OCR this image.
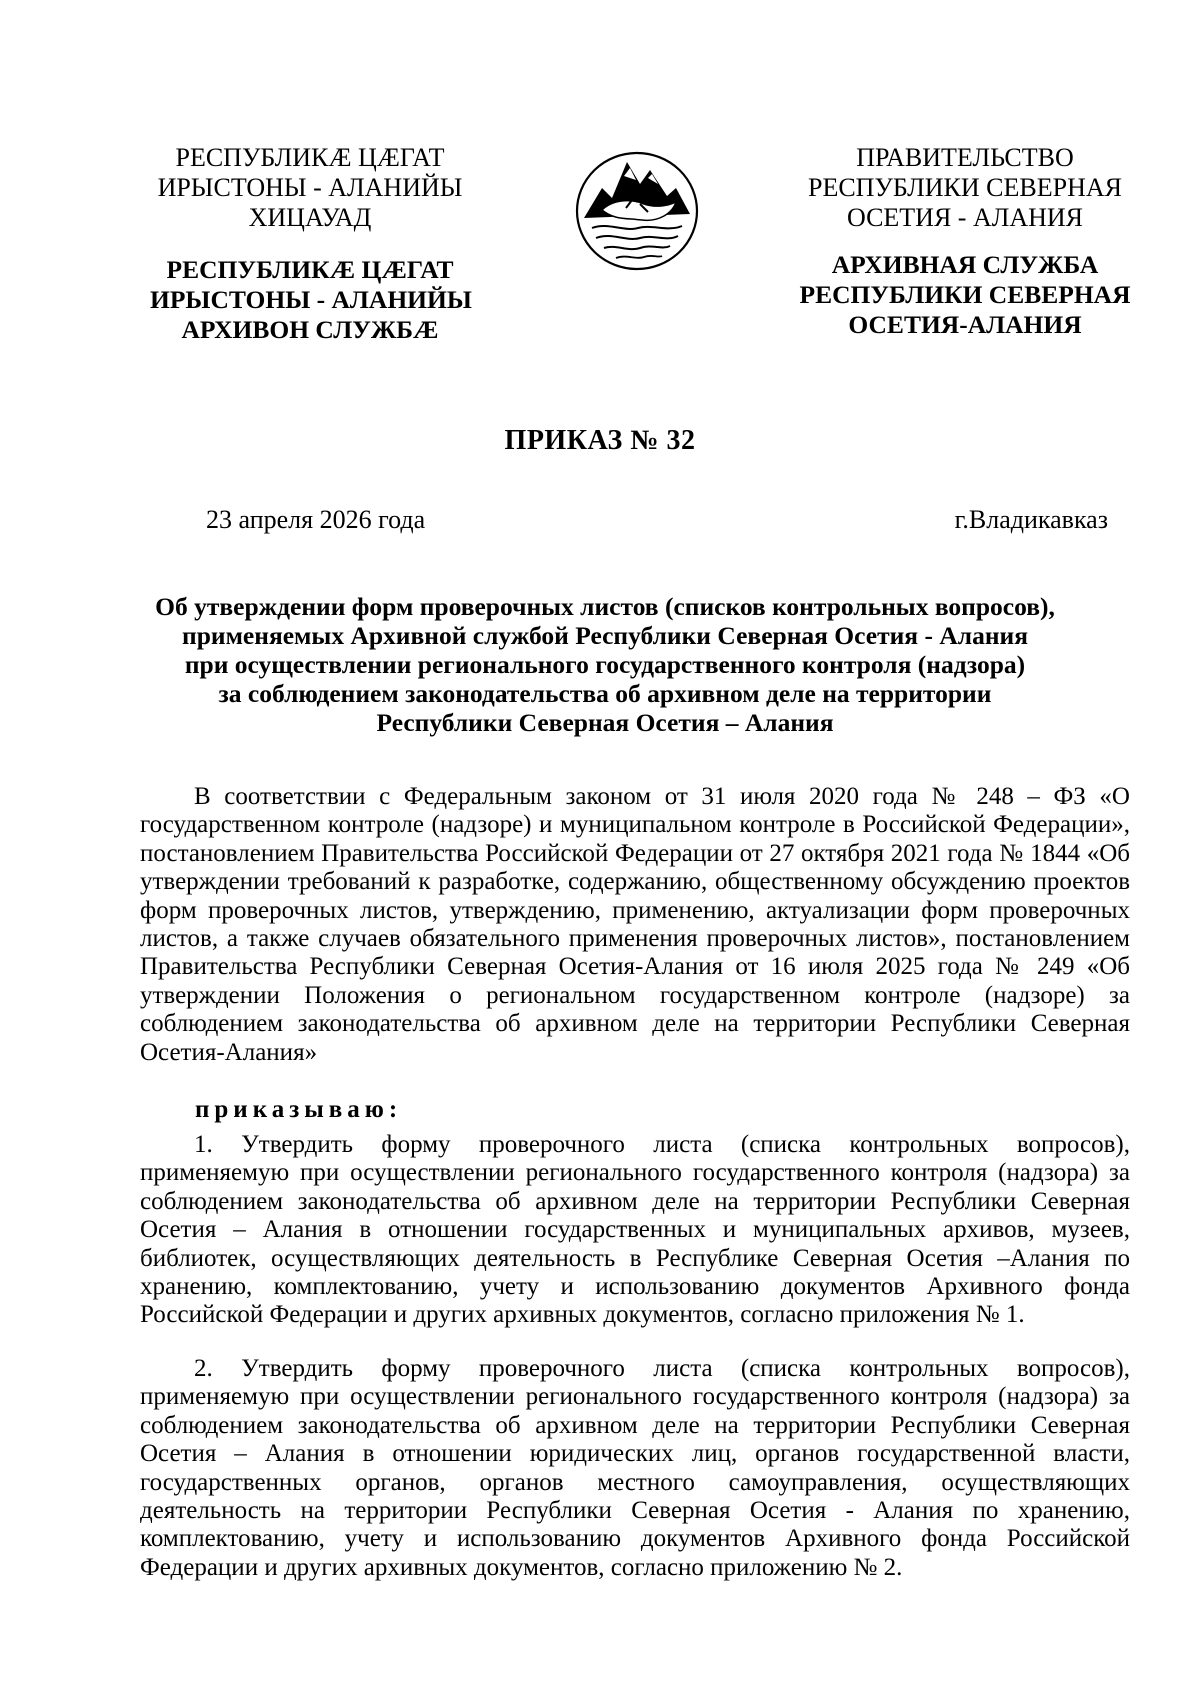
РЕСПУБЛИКӔ ЦӔГАТ
ИРЫСТОНЫ - АЛАНИЙЫ
ХИЦАУАД
РЕСПУБЛИКӔ ЦӔГАТ
ИРЫСТОНЫ - АЛАНИЙЫ
АРХИВОН СЛУЖБӔ
ПРАВИТЕЛЬСТВО
РЕСПУБЛИКИ СЕВЕРНАЯ
ОСЕТИЯ - АЛАНИЯ
АРХИВНАЯ СЛУЖБА
РЕСПУБЛИКИ СЕВЕРНАЯ
ОСЕТИЯ-АЛАНИЯ
ПРИКАЗ № 32
23 апреля 2026 года	г.Владикавказ
Об утверждении форм проверочных листов (списков контрольных вопросов),
применяемых Архивной службой Республики Северная Осетия - Алания
при осуществлении регионального государственного контроля (надзора)
за соблюдением законодательства об архивном деле на территории
Республики Северная Осетия – Алания
В соответствии с Федеральным законом от 31 июля 2020 года № 248 – ФЗ «О государственном контроле (надзоре) и муниципальном контроле в Российской Федерации», постановлением Правительства Российской Федерации от 27 октября 2021 года № 1844 «Об утверждении требований к разработке, содержанию, общественному обсуждению проектов форм проверочных листов, утверждению, применению, актуализации форм проверочных листов, а также случаев обязательного применения проверочных листов», постановлением Правительства Республики Северная Осетия-Алания от 16 июля 2025 года № 249 «Об утверждении Положения о региональном государственном контроле (надзоре) за соблюдением законодательства об архивном деле на территории Республики Северная Осетия-Алания»
приказываю:
1. Утвердить форму проверочного листа (списка контрольных вопросов), применяемую при осуществлении регионального государственного контроля (надзора) за соблюдением законодательства об архивном деле на территории Республики Северная Осетия – Алания в отношении государственных и муниципальных архивов, музеев, библиотек, осуществляющих деятельность в Республике Северная Осетия –Алания по хранению, комплектованию, учету и использованию документов Архивного фонда Российской Федерации и других архивных документов, согласно приложения № 1.
2. Утвердить форму проверочного листа (списка контрольных вопросов), применяемую при осуществлении регионального государственного контроля (надзора) за соблюдением законодательства об архивном деле на территории Республики Северная Осетия – Алания в отношении юридических лиц, органов государственной власти, государственных органов, органов местного самоуправления, осуществляющих деятельность на территории Республики Северная Осетия - Алания по хранению, комплектованию, учету и использованию документов Архивного фонда Российской Федерации и других архивных документов, согласно приложению № 2.
